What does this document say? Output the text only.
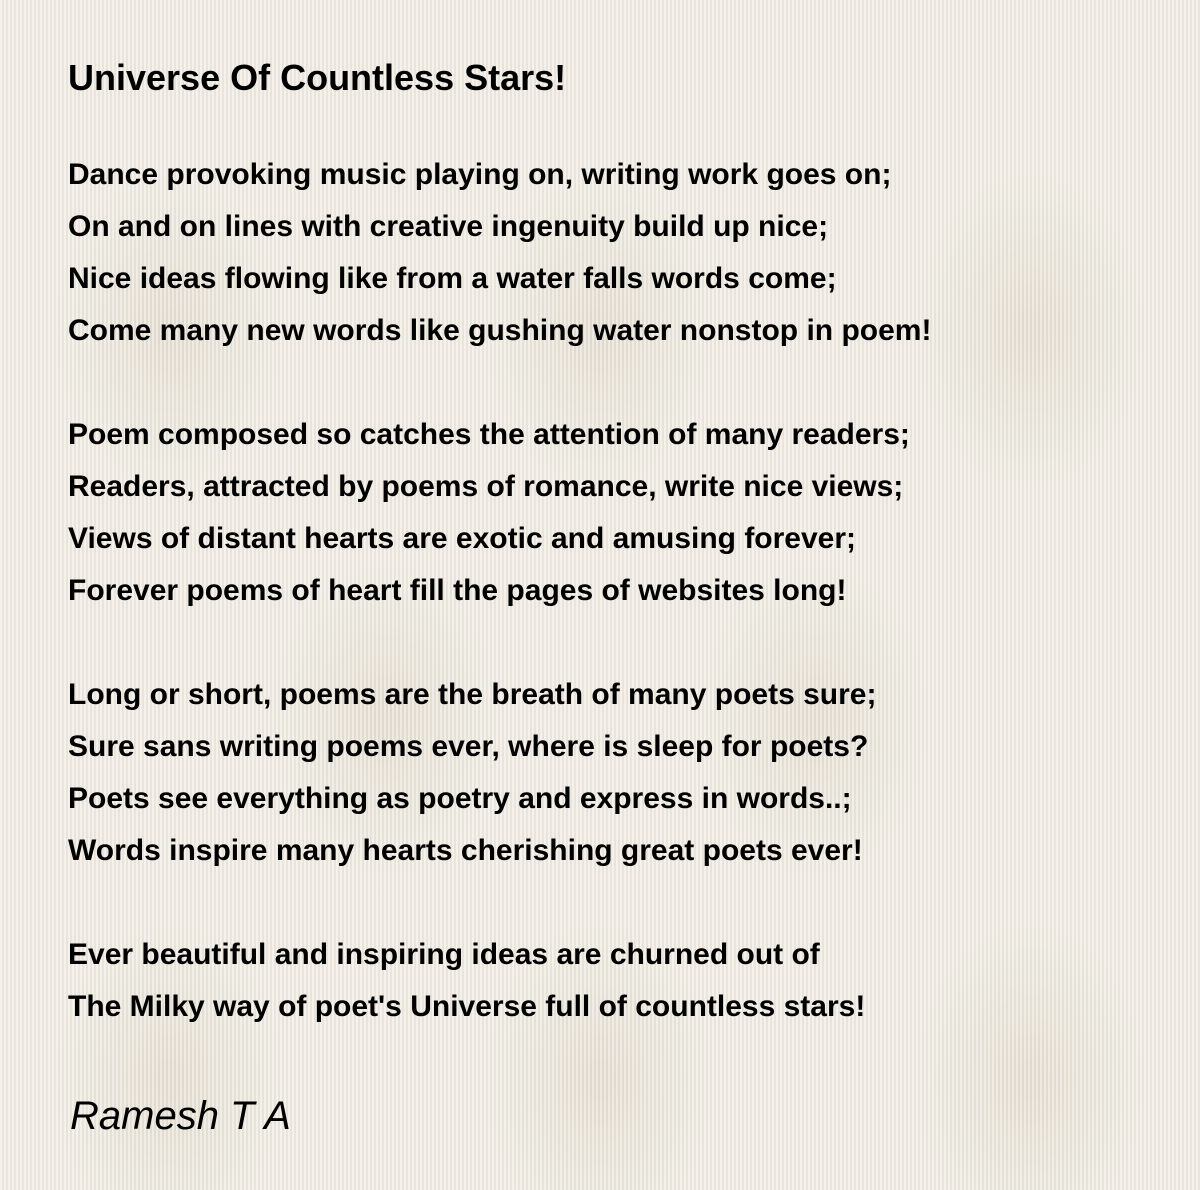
Universe Of Countless Stars!
Dance provoking music playing on, writing work goes on;
On and on lines with creative ingenuity build up nice;
Nice ideas flowing like from a water falls words come;
Come many new words like gushing water nonstop in poem!
Poem composed so catches the attention of many readers;
Readers, attracted by poems of romance, write nice views;
Views of distant hearts are exotic and amusing forever;
Forever poems of heart fill the pages of websites long!
Long or short, poems are the breath of many poets sure;
Sure sans writing poems ever, where is sleep for poets?
Poets see everything as poetry and express in words..;
Words inspire many hearts cherishing great poets ever!
Ever beautiful and inspiring ideas are churned out of
The Milky way of poet's Universe full of countless stars!

Ramesh T A
